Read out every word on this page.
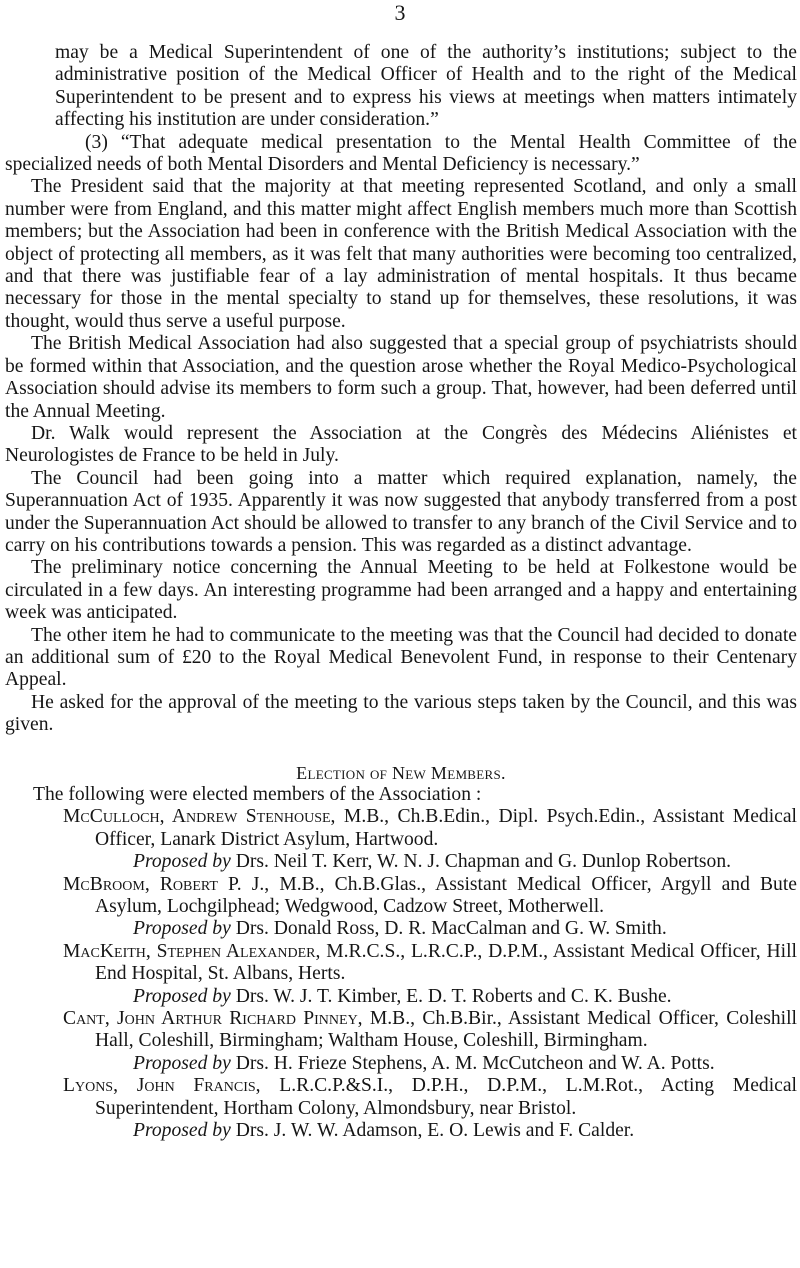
3

may be a Medical Superintendent of one of the authority’s institutions; subject to the administrative position of the Medical Officer of Health and to the right of the Medical Superintendent to be present and to express his views at meetings when matters intimately affecting his institution are under consideration.”

(3) “That adequate medical presentation to the Mental Health Committee of the specialized needs of both Mental Disorders and Mental Deficiency is necessary.”

The President said that the majority at that meeting represented Scotland, and only a small number were from England, and this matter might affect English members much more than Scottish members; but the Association had been in conference with the British Medical Association with the object of protecting all members, as it was felt that many authorities were becoming too centralized, and that there was justifiable fear of a lay administration of mental hospitals. It thus became necessary for those in the mental specialty to stand up for themselves, these resolutions, it was thought, would thus serve a useful purpose.

The British Medical Association had also suggested that a special group of psychiatrists should be formed within that Association, and the question arose whether the Royal Medico-Psychological Association should advise its members to form such a group. That, however, had been deferred until the Annual Meeting.

Dr. Walk would represent the Association at the Congrès des Médecins Aliénistes et Neurologistes de France to be held in July.

The Council had been going into a matter which required explanation, namely, the Superannuation Act of 1935. Apparently it was now suggested that anybody transferred from a post under the Superannuation Act should be allowed to transfer to any branch of the Civil Service and to carry on his contributions towards a pension. This was regarded as a distinct advantage.

The preliminary notice concerning the Annual Meeting to be held at Folkestone would be circulated in a few days. An interesting programme had been arranged and a happy and entertaining week was anticipated.

The other item he had to communicate to the meeting was that the Council had decided to donate an additional sum of £20 to the Royal Medical Benevolent Fund, in response to their Centenary Appeal.

He asked for the approval of the meeting to the various steps taken by the Council, and this was given.

Election of New Members.

The following were elected members of the Association :

McCulloch, Andrew Stenhouse, M.B., Ch.B.Edin., Dipl. Psych.Edin., Assistant Medical Officer, Lanark District Asylum, Hartwood.

Proposed by Drs. Neil T. Kerr, W. N. J. Chapman and G. Dunlop Robertson.

McBroom, Robert P. J., M.B., Ch.B.Glas., Assistant Medical Officer, Argyll and Bute Asylum, Lochgilphead; Wedgwood, Cadzow Street, Motherwell.

Proposed by Drs. Donald Ross, D. R. MacCalman and G. W. Smith.

MacKeith, Stephen Alexander, M.R.C.S., L.R.C.P., D.P.M., Assistant Medical Officer, Hill End Hospital, St. Albans, Herts.

Proposed by Drs. W. J. T. Kimber, E. D. T. Roberts and C. K. Bushe.

Cant, John Arthur Richard Pinney, M.B., Ch.B.Bir., Assistant Medical Officer, Coleshill Hall, Coleshill, Birmingham; Waltham House, Coleshill, Birmingham.

Proposed by Drs. H. Frieze Stephens, A. M. McCutcheon and W. A. Potts.

Lyons, John Francis, L.R.C.P.&S.I., D.P.H., D.P.M., L.M.Rot., Acting Medical Superintendent, Hortham Colony, Almondsbury, near Bristol.

Proposed by Drs. J. W. W. Adamson, E. O. Lewis and F. Calder.
